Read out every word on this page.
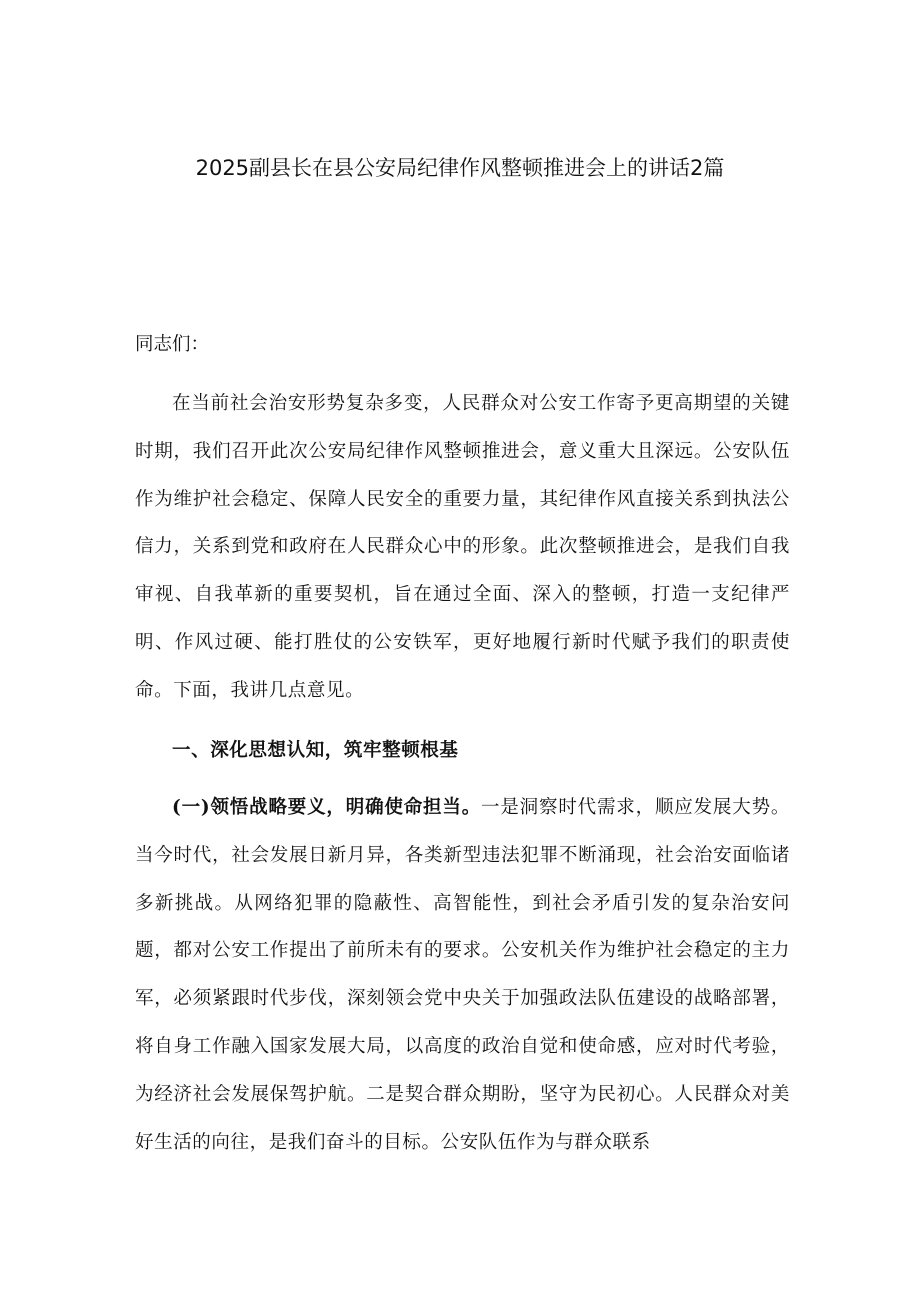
2025副县长在县公安局纪律作风整顿推进会上的讲话2篇

同志们：

在当前社会治安形势复杂多变，人民群众对公安工作寄予更高期望的关键时期，我们召开此次公安局纪律作风整顿推进会，意义重大且深远。公安队伍作为维护社会稳定、保障人民安全的重要力量，其纪律作风直接关系到执法公信力，关系到党和政府在人民群众心中的形象。此次整顿推进会，是我们自我审视、自我革新的重要契机，旨在通过全面、深入的整顿，打造一支纪律严明、作风过硬、能打胜仗的公安铁军，更好地履行新时代赋予我们的职责使命。下面，我讲几点意见。

一、深化思想认知，筑牢整顿根基

(一)领悟战略要义，明确使命担当。一是洞察时代需求，顺应发展大势。当今时代，社会发展日新月异，各类新型违法犯罪不断涌现，社会治安面临诸多新挑战。从网络犯罪的隐蔽性、高智能性，到社会矛盾引发的复杂治安问题，都对公安工作提出了前所未有的要求。公安机关作为维护社会稳定的主力军，必须紧跟时代步伐，深刻领会党中央关于加强政法队伍建设的战略部署，将自身工作融入国家发展大局，以高度的政治自觉和使命感，应对时代考验，为经济社会发展保驾护航。二是契合群众期盼，坚守为民初心。人民群众对美好生活的向往，是我们奋斗的目标。公安队伍作为与群众联系
